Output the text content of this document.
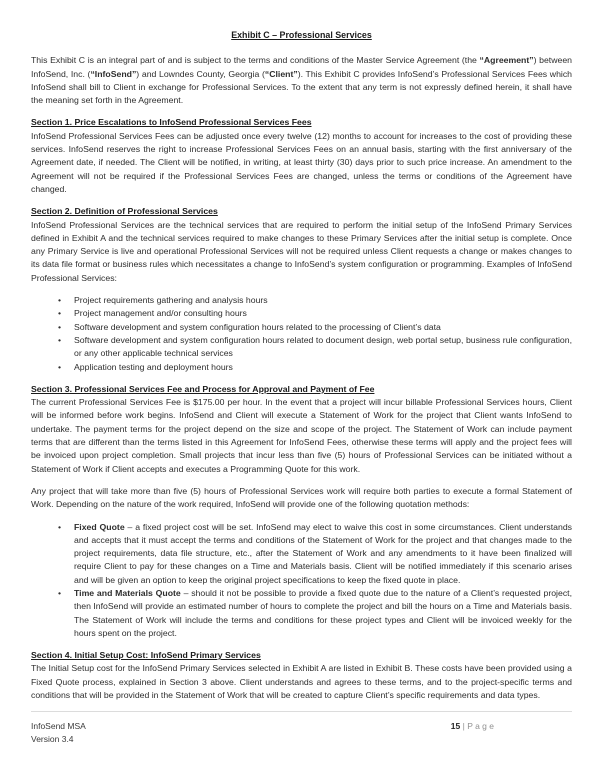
Exhibit C – Professional Services

This Exhibit C is an integral part of and is subject to the terms and conditions of the Master Service Agreement (the “Agreement”) between InfoSend, Inc. (“InfoSend”) and Lowndes County, Georgia (“Client”). This Exhibit C provides InfoSend’s Professional Services Fees which InfoSend shall bill to Client in exchange for Professional Services. To the extent that any term is not expressly defined herein, it shall have the meaning set forth in the Agreement.

Section 1. Price Escalations to InfoSend Professional Services Fees

InfoSend Professional Services Fees can be adjusted once every twelve (12) months to account for increases to the cost of providing these services. InfoSend reserves the right to increase Professional Services Fees on an annual basis, starting with the first anniversary of the Agreement date, if needed. The Client will be notified, in writing, at least thirty (30) days prior to such price increase. An amendment to the Agreement will not be required if the Professional Services Fees are changed, unless the terms or conditions of the Agreement have changed.

Section 2. Definition of Professional Services

InfoSend Professional Services are the technical services that are required to perform the initial setup of the InfoSend Primary Services defined in Exhibit A and the technical services required to make changes to these Primary Services after the initial setup is complete. Once any Primary Service is live and operational Professional Services will not be required unless Client requests a change or makes changes to its data file format or business rules which necessitates a change to InfoSend’s system configuration or programming. Examples of InfoSend Professional Services:

• Project requirements gathering and analysis hours
• Project management and/or consulting hours
• Software development and system configuration hours related to the processing of Client’s data
• Software development and system configuration hours related to document design, web portal setup, business rule configuration, or any other applicable technical services
• Application testing and deployment hours
Section 3. Professional Services Fee and Process for Approval and Payment of Fee

The current Professional Services Fee is $175.00 per hour. In the event that a project will incur billable Professional Services hours, Client will be informed before work begins. InfoSend and Client will execute a Statement of Work for the project that Client wants InfoSend to undertake. The payment terms for the project depend on the size and scope of the project. The Statement of Work can include payment terms that are different than the terms listed in this Agreement for InfoSend Fees, otherwise these terms will apply and the project fees will be invoiced upon project completion. Small projects that incur less than five (5) hours of Professional Services can be initiated without a Statement of Work if Client accepts and executes a Programming Quote for this work.

Any project that will take more than five (5) hours of Professional Services work will require both parties to execute a formal Statement of Work. Depending on the nature of the work required, InfoSend will provide one of the following quotation methods:

• Fixed Quote – a fixed project cost will be set. InfoSend may elect to waive this cost in some circumstances. Client understands and accepts that it must accept the terms and conditions of the Statement of Work for the project and that changes made to the project requirements, data file structure, etc., after the Statement of Work and any amendments to it have been finalized will require Client to pay for these changes on a Time and Materials basis. Client will be notified immediately if this scenario arises and will be given an option to keep the original project specifications to keep the fixed quote in place.
• Time and Materials Quote – should it not be possible to provide a fixed quote due to the nature of a Client’s requested project, then InfoSend will provide an estimated number of hours to complete the project and bill the hours on a Time and Materials basis. The Statement of Work will include the terms and conditions for these project types and Client will be invoiced weekly for the hours spent on the project.
Section 4. Initial Setup Cost: InfoSend Primary Services

The Initial Setup cost for the InfoSend Primary Services selected in Exhibit A are listed in Exhibit B. These costs have been provided using a Fixed Quote process, explained in Section 3 above. Client understands and agrees to these terms, and to the project-specific terms and conditions that will be provided in the Statement of Work that will be created to capture Client’s specific requirements and data types.

InfoSend MSA
Version 3.4
15 | P a g e
